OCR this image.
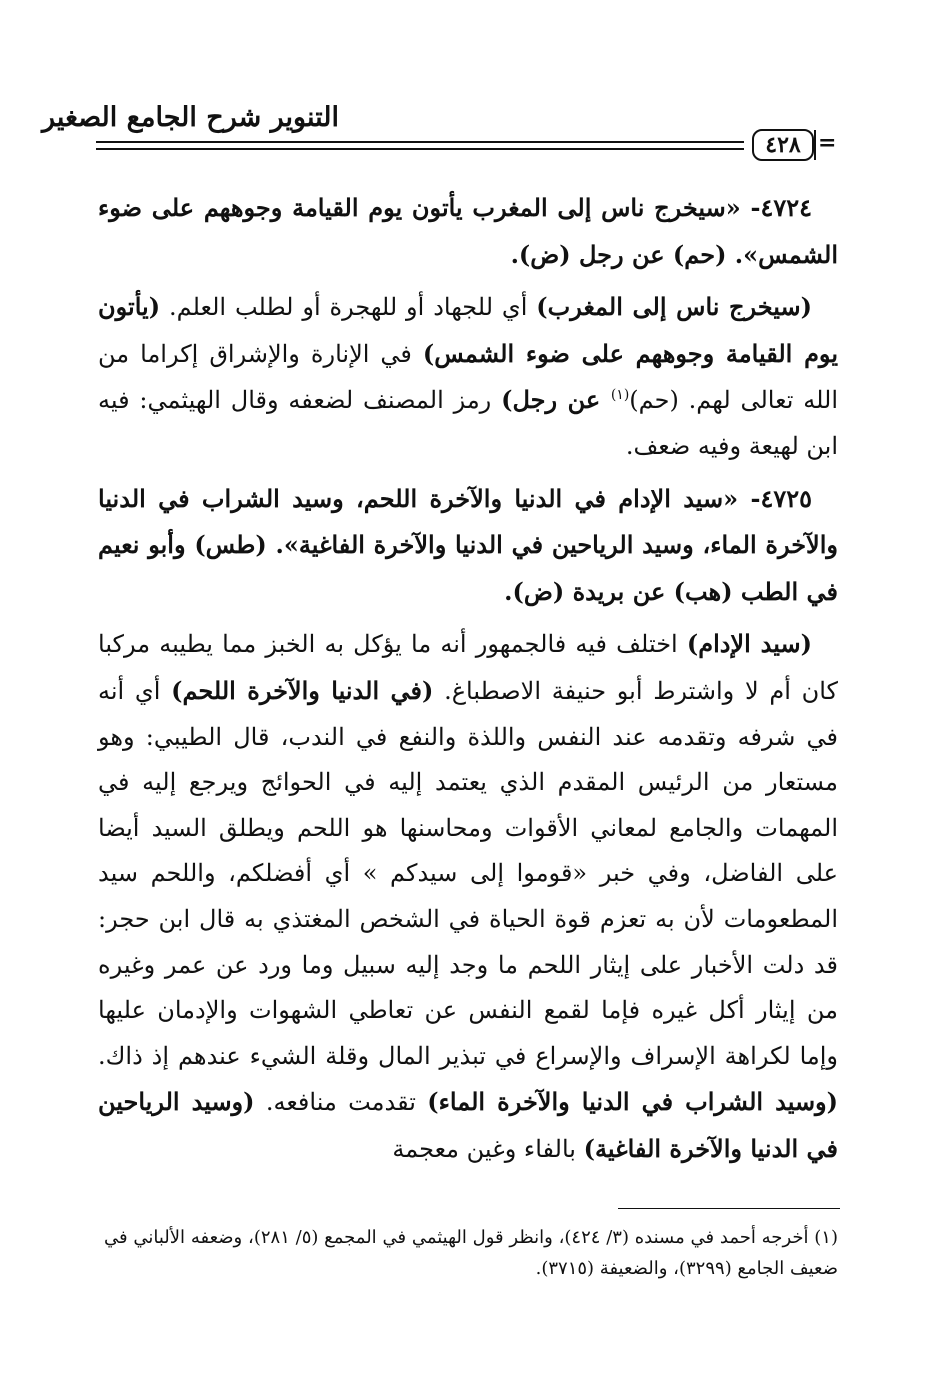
التنوير شرح الجامع الصغير
٤٢٨ =

٤٧٢٤- «سيخرج ناس إلى المغرب يأتون يوم القيامة وجوههم على ضوء الشمس». (حم) عن رجل (ض).

(سيخرج ناس إلى المغرب) أي للجهاد أو للهجرة أو لطلب العلم. (يأتون يوم القيامة وجوههم على ضوء الشمس) في الإنارة والإشراق إكراما من الله تعالى لهم. (حم)$^{(١)}$ عن رجل) رمز المصنف لضعفه وقال الهيثمي: فيه ابن لهيعة وفيه ضعف.

٤٧٢٥- «سيد الإدام في الدنيا والآخرة اللحم، وسيد الشراب في الدنيا والآخرة الماء، وسيد الرياحين في الدنيا والآخرة الفاغية». (طس) وأبو نعيم في الطب (هب) عن بريدة (ض).

(سيد الإدام) اختلف فيه فالجمهور أنه ما يؤكل به الخبز مما يطيبه مركبا كان أم لا واشترط أبو حنيفة الاصطباغ. (في الدنيا والآخرة اللحم) أي أنه في شرفه وتقدمه عند النفس واللذة والنفع في الندب، قال الطيبي: وهو مستعار من الرئيس المقدم الذي يعتمد إليه في الحوائج ويرجع إليه في المهمات والجامع لمعاني الأقوات ومحاسنها هو اللحم ويطلق السيد أيضا على الفاضل، وفي خبر «قوموا إلى سيدكم » أي أفضلكم، واللحم سيد المطعومات لأن به تعزم قوة الحياة في الشخص المغتذي به قال ابن حجر: قد دلت الأخبار على إيثار اللحم ما وجد إليه سبيل وما ورد عن عمر وغيره من إيثار أكل غيره فإما لقمع النفس عن تعاطي الشهوات والإدمان عليها وإما لكراهة الإسراف والإسراع في تبذير المال وقلة الشيء عندهم إذ ذاك. (وسيد الشراب في الدنيا والآخرة الماء) تقدمت منافعه. (وسيد الرياحين في الدنيا والآخرة الفاغية) بالفاء وغين معجمة

(١) أخرجه أحمد في مسنده (٣/ ٤٢٤)، وانظر قول الهيثمي في المجمع (٥/ ٢٨١)، وضعفه الألباني في ضعيف الجامع (٣٢٩٩)، والضعيفة (٣٧١٥).
